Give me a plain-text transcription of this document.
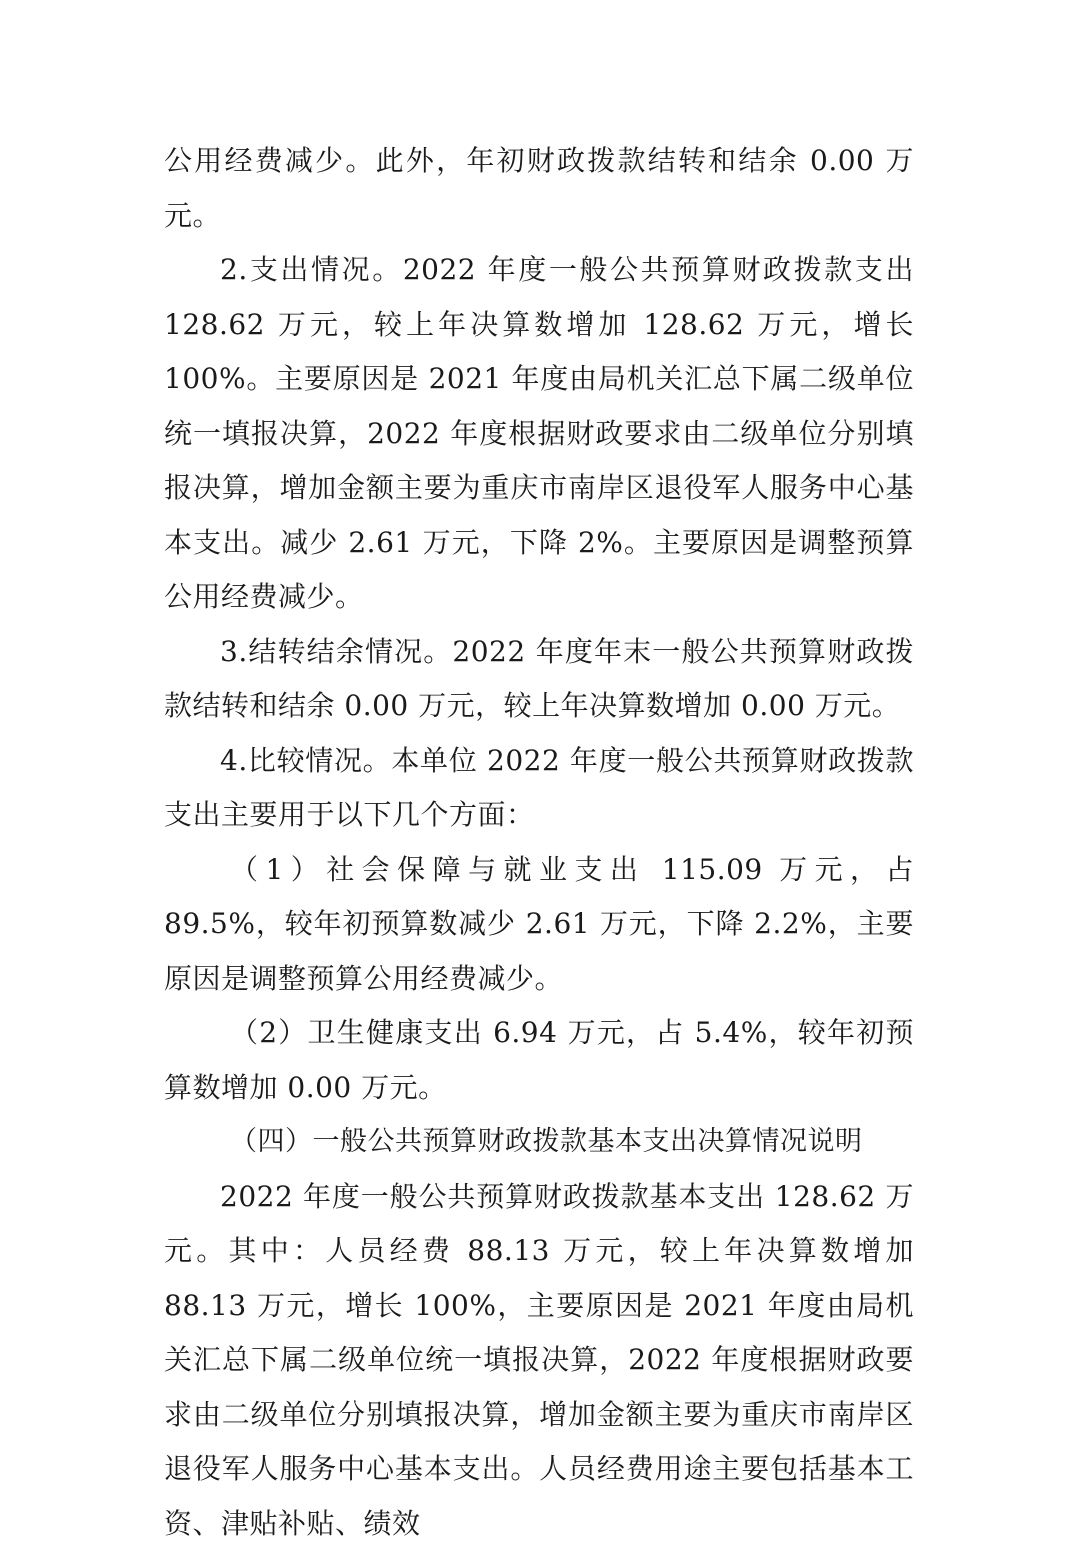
公用经费减少。此外，年初财政拨款结转和结余 0.00 万元。

2.支出情况。2022 年度一般公共预算财政拨款支出 128.62 万元，较上年决算数增加 128.62 万元，增长 100%。主要原因是 2021 年度由局机关汇总下属二级单位统一填报决算，2022 年度根据财政要求由二级单位分别填报决算，增加金额主要为重庆市南岸区退役军人服务中心基本支出。减少 2.61 万元，下降 2%。主要原因是调整预算公用经费减少。

3.结转结余情况。2022 年度年末一般公共预算财政拨款结转和结余 0.00 万元，较上年决算数增加 0.00 万元。

4.比较情况。本单位 2022 年度一般公共预算财政拨款支出主要用于以下几个方面：

（1）社会保障与就业支出 115.09 万元，占 89.5%，较年初预算数减少 2.61 万元，下降 2.2%，主要原因是调整预算公用经费减少。

（2）卫生健康支出 6.94 万元，占 5.4%，较年初预算数增加 0.00 万元。

（四）一般公共预算财政拨款基本支出决算情况说明

2022 年度一般公共预算财政拨款基本支出 128.62 万元。其中：人员经费 88.13 万元，较上年决算数增加 88.13 万元，增长 100%，主要原因是 2021 年度由局机关汇总下属二级单位统一填报决算，2022 年度根据财政要求由二级单位分别填报决算，增加金额主要为重庆市南岸区退役军人服务中心基本支出。人员经费用途主要包括基本工资、津贴补贴、绩效
